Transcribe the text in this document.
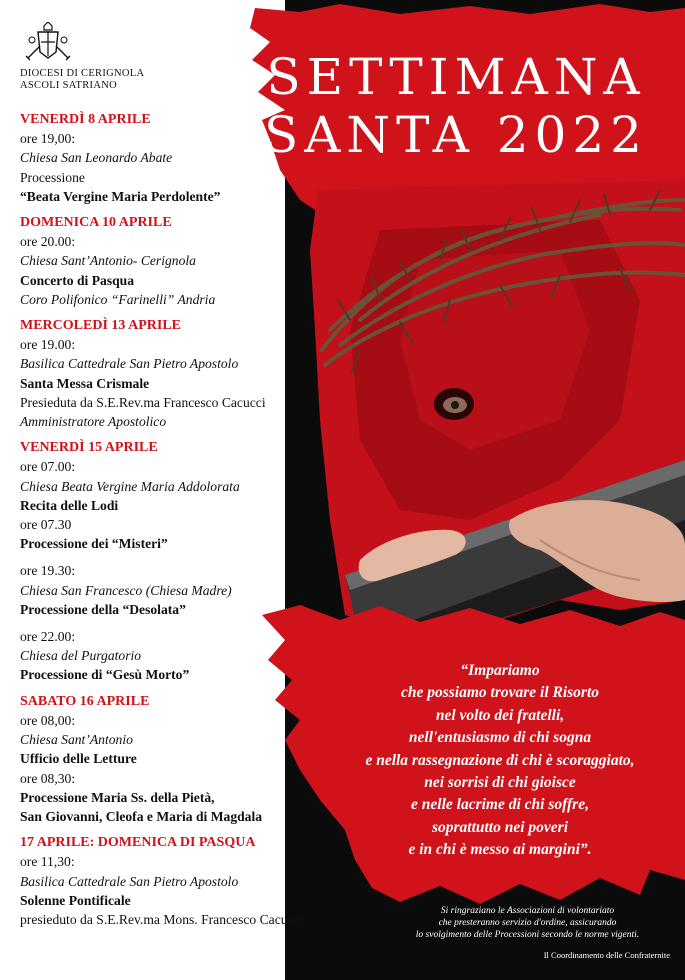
DIOCESI DI CERIGNOLA
ASCOLI SATRIANO	SETTIMANA
SANTA 2022
VENERDÌ 8 APRILE
ore 19,00:
Chiesa San Leonardo Abate
Processione
“Beata Vergine Maria Perdolente”
DOMENICA 10 APRILE
ore 20.00:
Chiesa Sant’Antonio- Cerignola
Concerto di Pasqua
Coro Polifonico “Farinelli” Andria
MERCOLEDÌ 13 APRILE
ore 19.00:
Basilica Cattedrale San Pietro Apostolo
Santa Messa Crismale
Presieduta da S.E.Rev.ma Francesco Cacucci
Amministratore Apostolico
VENERDÌ 15 APRILE
ore 07.00:
Chiesa Beata Vergine Maria Addolorata
Recita delle Lodi
ore 07.30
Processione dei “Misteri”
ore 19.30:
Chiesa San Francesco (Chiesa Madre)
Processione della “Desolata”
ore 22.00:
Chiesa del Purgatorio
Processione di “Gesù Morto”
SABATO 16 APRILE
ore 08,00:
Chiesa Sant’Antonio
Ufficio delle Letture
ore 08,30:
Processione Maria Ss. della Pietà,
San Giovanni, Cleofa e Maria di Magdala
17 APRILE: DOMENICA DI PASQUA
ore 11,30:
Basilica Cattedrale San Pietro Apostolo
Solenne Pontificale
presieduto da S.E.Rev.ma Mons. Francesco Cacucci
“Impariamo
che possiamo trovare il Risorto
nel volto dei fratelli,
nell'entusiasmo di chi sogna
e nella rassegnazione di chi è scoraggiato,
nei sorrisi di chi gioisce
e nelle lacrime di chi soffre,
soprattutto nei poveri
e in chi è messo ai margini”.
Si ringraziano le Associazioni di volontariato
che presteranno servizio d'ordine, assicurando
lo svolgimento delle Processioni secondo le norme vigenti.
Il Coordinamento delle Confraternite
